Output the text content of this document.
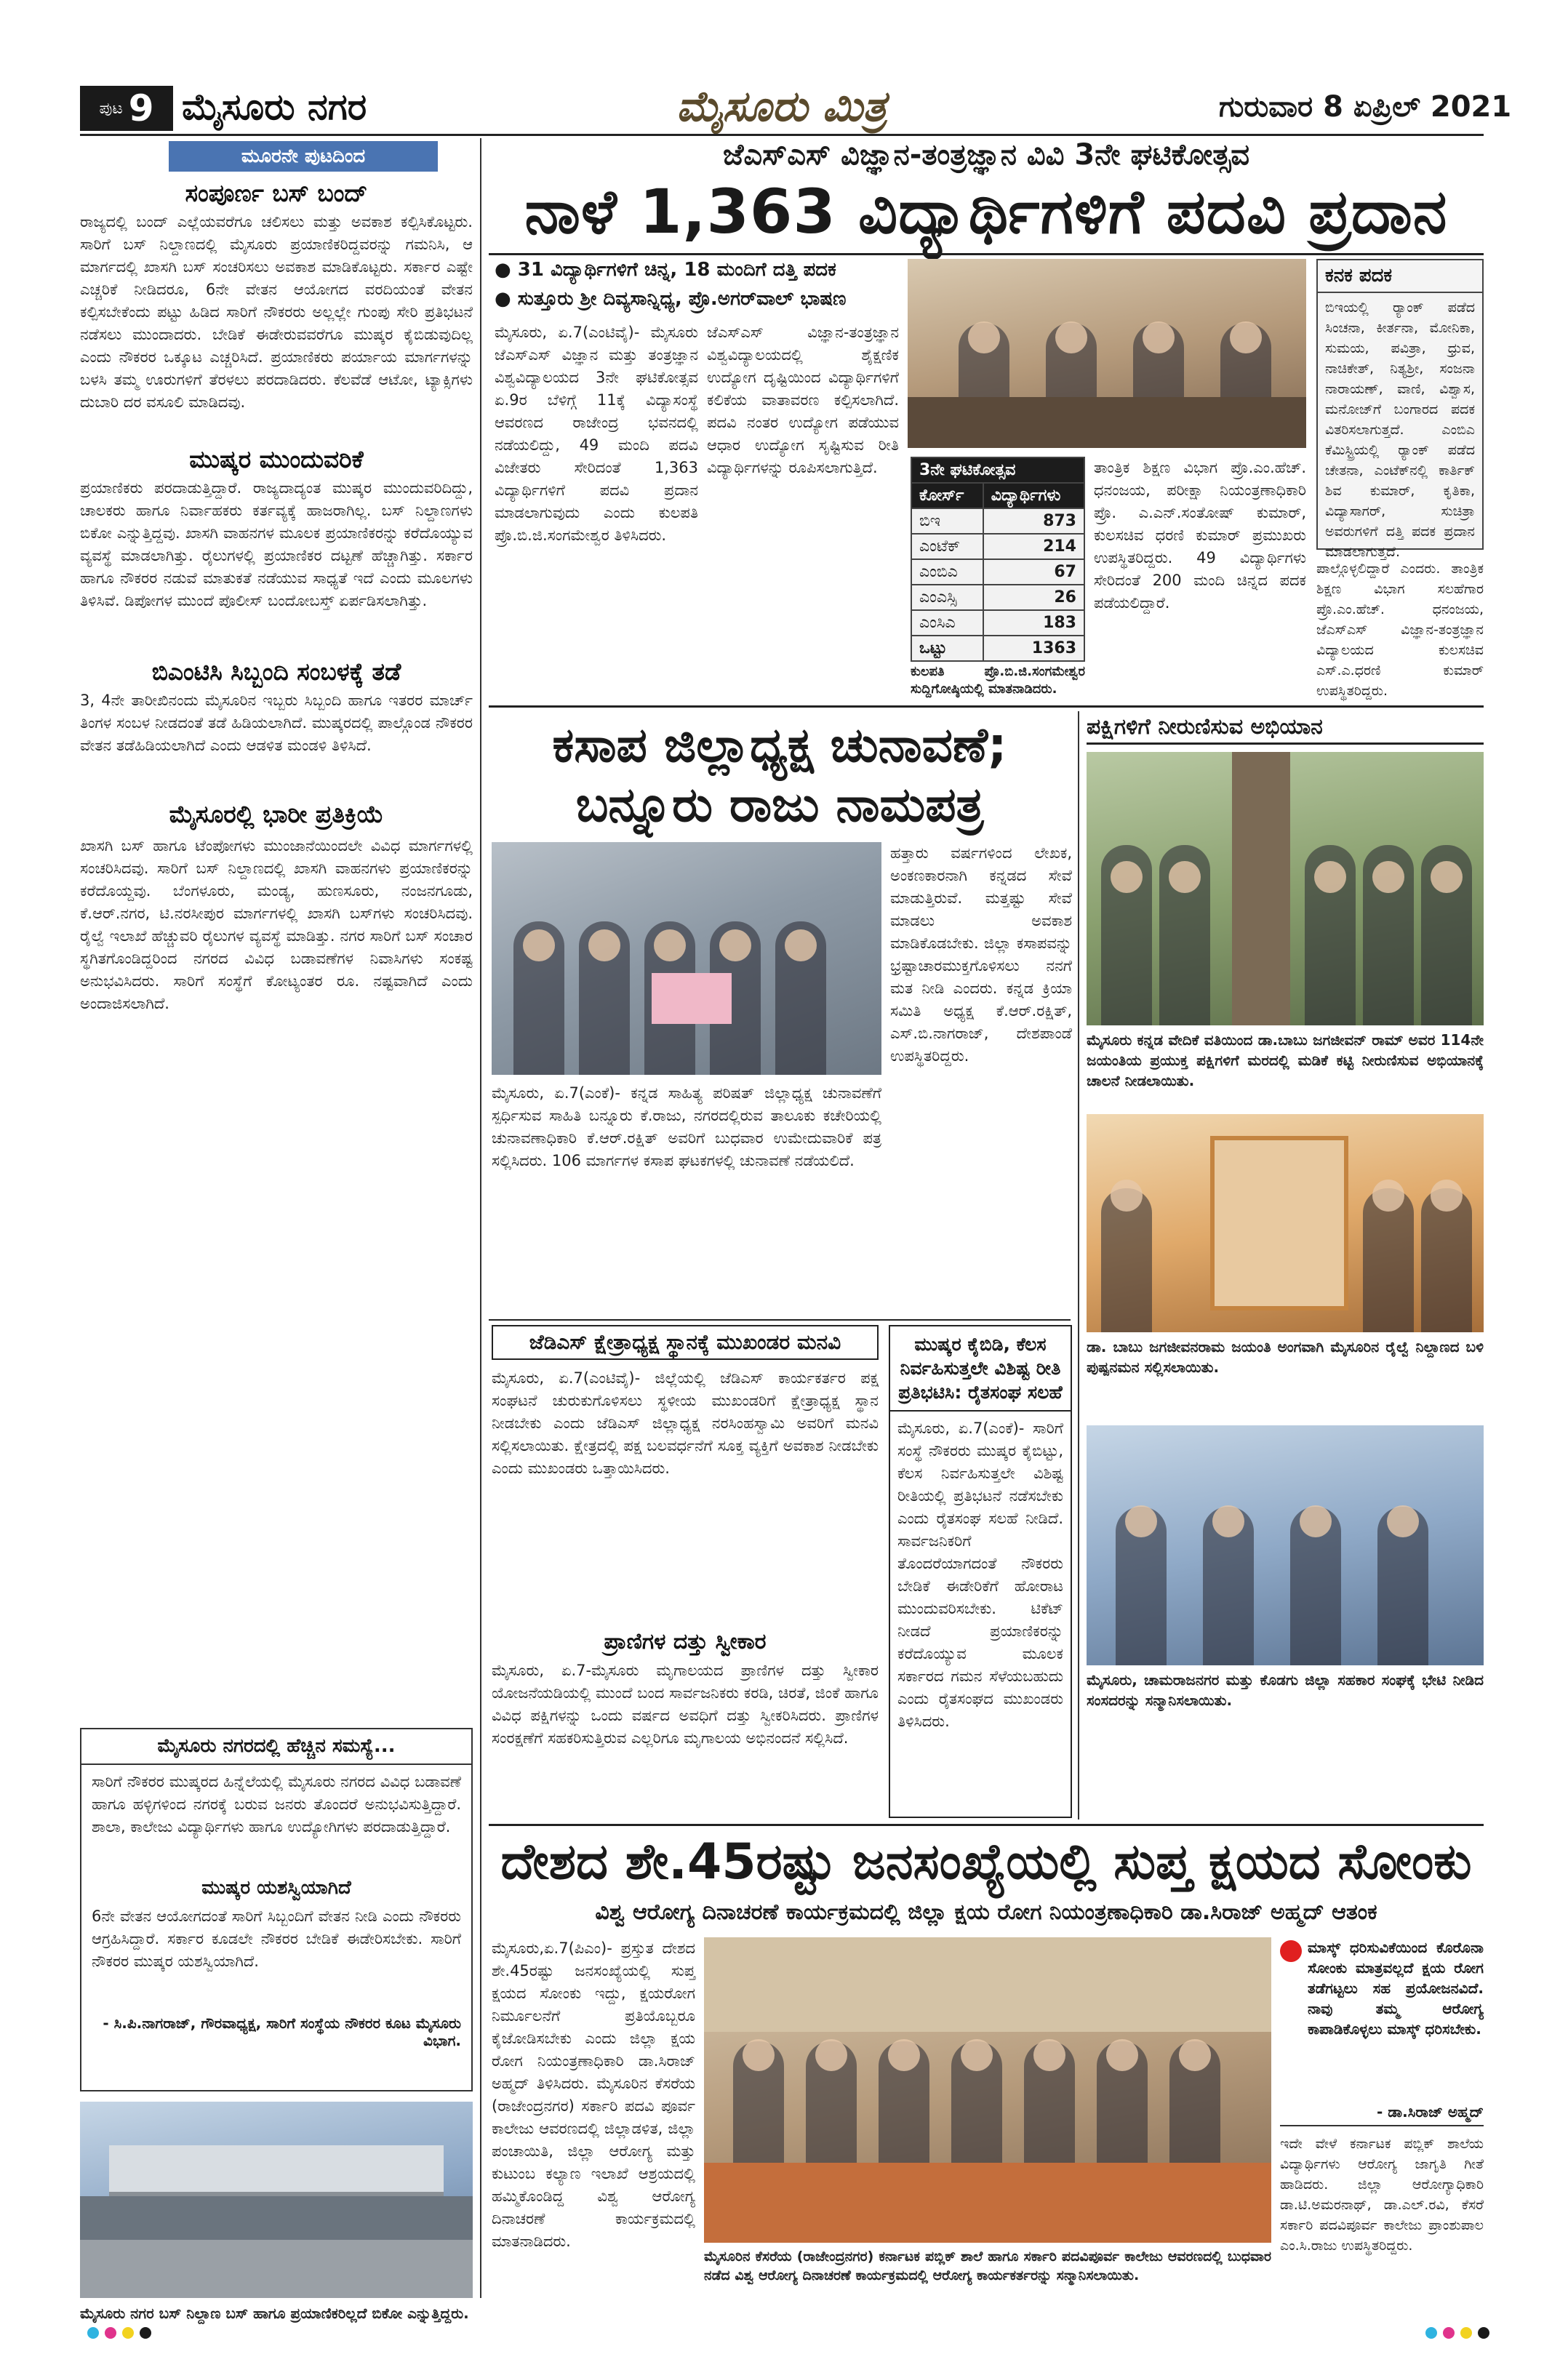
ಪುಟ 9 ಮೈಸೂರು ನಗರ	ಮೈಸೂರು ಮಿತ್ರ	ಗುರುವಾರ 8 ಏಪ್ರಿಲ್ 2021
ಮೂರನೇ ಪುಟದಿಂದ
ಸಂಪೂರ್ಣ ಬಸ್ ಬಂದ್
ರಾಜ್ಯದಲ್ಲಿ ಬಂದ್ ಎಲ್ಲೆಯವರೆಗೂ ಚಲಿಸಲು ಮತ್ತು ಅವಕಾಶ ಕಲ್ಪಿಸಿಕೊಟ್ಟರು. ಸಾರಿಗೆ ಬಸ್ ನಿಲ್ದಾಣದಲ್ಲಿ ಮೈಸೂರು ಪ್ರಯಾಣಿಕರಿದ್ದವರನ್ನು ಗಮನಿಸಿ, ಆ ಮಾರ್ಗದಲ್ಲಿ ಖಾಸಗಿ ಬಸ್ ಸಂಚರಿಸಲು ಅವಕಾಶ ಮಾಡಿಕೊಟ್ಟರು. ಸರ್ಕಾರ ಎಷ್ಟೇ ಎಚ್ಚರಿಕೆ ನೀಡಿದರೂ, 6ನೇ ವೇತನ ಆಯೋಗದ ವರದಿಯಂತೆ ವೇತನ ಕಲ್ಪಿಸಬೇಕೆಂದು ಪಟ್ಟು ಹಿಡಿದ ಸಾರಿಗೆ ನೌಕರರು ಅಲ್ಲಲ್ಲೇ ಗುಂಪು ಸೇರಿ ಪ್ರತಿಭಟನೆ ನಡೆಸಲು ಮುಂದಾದರು. ಬೇಡಿಕೆ ಈಡೇರುವವರೆಗೂ ಮುಷ್ಕರ ಕೈಬಿಡುವುದಿಲ್ಲ ಎಂದು ನೌಕರರ ಒಕ್ಕೂಟ ಎಚ್ಚರಿಸಿದೆ. ಪ್ರಯಾಣಿಕರು ಪರ್ಯಾಯ ಮಾರ್ಗಗಳನ್ನು ಬಳಸಿ ತಮ್ಮ ಊರುಗಳಿಗೆ ತೆರಳಲು ಪರದಾಡಿದರು. ಕೆಲವೆಡೆ ಆಟೋ, ಟ್ಯಾಕ್ಸಿಗಳು ದುಬಾರಿ ದರ ವಸೂಲಿ ಮಾಡಿದವು.
ಮುಷ್ಕರ ಮುಂದುವರಿಕೆ
ಪ್ರಯಾಣಿಕರು ಪರದಾಡುತ್ತಿದ್ದಾರೆ. ರಾಜ್ಯದಾದ್ಯಂತ ಮುಷ್ಕರ ಮುಂದುವರಿದಿದ್ದು, ಚಾಲಕರು ಹಾಗೂ ನಿರ್ವಾಹಕರು ಕರ್ತವ್ಯಕ್ಕೆ ಹಾಜರಾಗಿಲ್ಲ. ಬಸ್ ನಿಲ್ದಾಣಗಳು ಬಿಕೋ ಎನ್ನುತ್ತಿದ್ದವು. ಖಾಸಗಿ ವಾಹನಗಳ ಮೂಲಕ ಪ್ರಯಾಣಿಕರನ್ನು ಕರೆದೊಯ್ಯುವ ವ್ಯವಸ್ಥೆ ಮಾಡಲಾಗಿತ್ತು. ರೈಲುಗಳಲ್ಲಿ ಪ್ರಯಾಣಿಕರ ದಟ್ಟಣೆ ಹೆಚ್ಚಾಗಿತ್ತು. ಸರ್ಕಾರ ಹಾಗೂ ನೌಕರರ ನಡುವೆ ಮಾತುಕತೆ ನಡೆಯುವ ಸಾಧ್ಯತೆ ಇದೆ ಎಂದು ಮೂಲಗಳು ತಿಳಿಸಿವೆ. ಡಿಪೋಗಳ ಮುಂದೆ ಪೊಲೀಸ್ ಬಂದೋಬಸ್ತ್ ಏರ್ಪಡಿಸಲಾಗಿತ್ತು.
ಬಿಎಂಟಿಸಿ ಸಿಬ್ಬಂದಿ ಸಂಬಳಕ್ಕೆ ತಡೆ
3, 4ನೇ ತಾರೀಖಿನಂದು ಮೈಸೂರಿನ ಇಬ್ಬರು ಸಿಬ್ಬಂದಿ ಹಾಗೂ ಇತರರ ಮಾರ್ಚ್ ತಿಂಗಳ ಸಂಬಳ ನೀಡದಂತೆ ತಡೆ ಹಿಡಿಯಲಾಗಿದೆ. ಮುಷ್ಕರದಲ್ಲಿ ಪಾಲ್ಗೊಂಡ ನೌಕರರ ವೇತನ ತಡೆಹಿಡಿಯಲಾಗಿದೆ ಎಂದು ಆಡಳಿತ ಮಂಡಳಿ ತಿಳಿಸಿದೆ.
ಮೈಸೂರಲ್ಲಿ ಭಾರೀ ಪ್ರತಿಕ್ರಿಯೆ
ಖಾಸಗಿ ಬಸ್ ಹಾಗೂ ಟೆಂಪೋಗಳು ಮುಂಜಾನೆಯಿಂದಲೇ ವಿವಿಧ ಮಾರ್ಗಗಳಲ್ಲಿ ಸಂಚರಿಸಿದವು. ಸಾರಿಗೆ ಬಸ್ ನಿಲ್ದಾಣದಲ್ಲಿ ಖಾಸಗಿ ವಾಹನಗಳು ಪ್ರಯಾಣಿಕರನ್ನು ಕರೆದೊಯ್ದವು. ಬೆಂಗಳೂರು, ಮಂಡ್ಯ, ಹುಣಸೂರು, ನಂಜನಗೂಡು, ಕೆ.ಆರ್.ನಗರ, ಟಿ.ನರಸೀಪುರ ಮಾರ್ಗಗಳಲ್ಲಿ ಖಾಸಗಿ ಬಸ್‌ಗಳು ಸಂಚರಿಸಿದವು. ರೈಲ್ವೆ ಇಲಾಖೆ ಹೆಚ್ಚುವರಿ ರೈಲುಗಳ ವ್ಯವಸ್ಥೆ ಮಾಡಿತ್ತು. ನಗರ ಸಾರಿಗೆ ಬಸ್ ಸಂಚಾರ ಸ್ಥಗಿತಗೊಂಡಿದ್ದರಿಂದ ನಗರದ ವಿವಿಧ ಬಡಾವಣೆಗಳ ನಿವಾಸಿಗಳು ಸಂಕಷ್ಟ ಅನುಭವಿಸಿದರು. ಸಾರಿಗೆ ಸಂಸ್ಥೆಗೆ ಕೋಟ್ಯಂತರ ರೂ. ನಷ್ಟವಾಗಿದೆ ಎಂದು ಅಂದಾಜಿಸಲಾಗಿದೆ.
ಮೈಸೂರು ನಗರದಲ್ಲಿ ಹೆಚ್ಚಿನ ಸಮಸ್ಯೆ...
ಸಾರಿಗೆ ನೌಕರರ ಮುಷ್ಕರದ ಹಿನ್ನೆಲೆಯಲ್ಲಿ ಮೈಸೂರು ನಗರದ ವಿವಿಧ ಬಡಾವಣೆ ಹಾಗೂ ಹಳ್ಳಿಗಳಿಂದ ನಗರಕ್ಕೆ ಬರುವ ಜನರು ತೊಂದರೆ ಅನುಭವಿಸುತ್ತಿದ್ದಾರೆ. ಶಾಲಾ, ಕಾಲೇಜು ವಿದ್ಯಾರ್ಥಿಗಳು ಹಾಗೂ ಉದ್ಯೋಗಿಗಳು ಪರದಾಡುತ್ತಿದ್ದಾರೆ.
ಮುಷ್ಕರ ಯಶಸ್ವಿಯಾಗಿದೆ
6ನೇ ವೇತನ ಆಯೋಗದಂತೆ ಸಾರಿಗೆ ಸಿಬ್ಬಂದಿಗೆ ವೇತನ ನೀಡಿ ಎಂದು ನೌಕರರು ಆಗ್ರಹಿಸಿದ್ದಾರೆ. ಸರ್ಕಾರ ಕೂಡಲೇ ನೌಕರರ ಬೇಡಿಕೆ ಈಡೇರಿಸಬೇಕು. ಸಾರಿಗೆ ನೌಕರರ ಮುಷ್ಕರ ಯಶಸ್ವಿಯಾಗಿದೆ.
- ಸಿ.ಪಿ.ನಾಗರಾಜ್, ಗೌರವಾಧ್ಯಕ್ಷ, ಸಾರಿಗೆ ಸಂಸ್ಥೆಯ ನೌಕರರ ಕೂಟ ಮೈಸೂರು ವಿಭಾಗ.
ಮೈಸೂರು ನಗರ ಬಸ್ ನಿಲ್ದಾಣ ಬಸ್ ಹಾಗೂ ಪ್ರಯಾಣಿಕರಿಲ್ಲದೆ ಬಿಕೋ ಎನ್ನುತ್ತಿದ್ದರು.
ಜೆಎಸ್‌ಎಸ್ ವಿಜ್ಞಾನ-ತಂತ್ರಜ್ಞಾನ ವಿವಿ 3ನೇ ಘಟಿಕೋತ್ಸವ
ನಾಳೆ 1,363 ವಿದ್ಯಾರ್ಥಿಗಳಿಗೆ ಪದವಿ ಪ್ರದಾನ
● 31 ವಿದ್ಯಾರ್ಥಿಗಳಿಗೆ ಚಿನ್ನ, 18 ಮಂದಿಗೆ ದತ್ತಿ ಪದಕ
● ಸುತ್ತೂರು ಶ್ರೀ ದಿವ್ಯಸಾನ್ನಿಧ್ಯ, ಪ್ರೊ.ಅಗರ್‌ವಾಲ್ ಭಾಷಣ
ಮೈಸೂರು, ಏ.7(ಎಂಟಿವೈ)- ಮೈಸೂರು ಜೆಎಸ್‌ಎಸ್ ವಿಜ್ಞಾನ ಮತ್ತು ತಂತ್ರಜ್ಞಾನ ವಿಶ್ವವಿದ್ಯಾಲಯದ 3ನೇ ಘಟಿಕೋತ್ಸವ ಏ.9ರ ಬೆಳಿಗ್ಗೆ 11ಕ್ಕೆ ವಿದ್ಯಾಸಂಸ್ಥೆ ಆವರಣದ ರಾಜೇಂದ್ರ ಭವನದಲ್ಲಿ ನಡೆಯಲಿದ್ದು, 49 ಮಂದಿ ಪದವಿ ವಿಜೇತರು ಸೇರಿದಂತೆ 1,363 ವಿದ್ಯಾರ್ಥಿಗಳಿಗೆ ಪದವಿ ಪ್ರದಾನ ಮಾಡಲಾಗುವುದು ಎಂದು ಕುಲಪತಿ ಪ್ರೊ.ಬಿ.ಜಿ.ಸಂಗಮೇಶ್ವರ ತಿಳಿಸಿದರು.
ಜೆಎಸ್‌ಎಸ್ ವಿಜ್ಞಾನ-ತಂತ್ರಜ್ಞಾನ ವಿಶ್ವವಿದ್ಯಾಲಯದಲ್ಲಿ ಶೈಕ್ಷಣಿಕ ಉದ್ಯೋಗ ದೃಷ್ಟಿಯಿಂದ ವಿದ್ಯಾರ್ಥಿಗಳಿಗೆ ಕಲಿಕೆಯ ವಾತಾವರಣ ಕಲ್ಪಿಸಲಾಗಿದೆ. ಪದವಿ ನಂತರ ಉದ್ಯೋಗ ಪಡೆಯುವ ಆಧಾರ ಉದ್ಯೋಗ ಸೃಷ್ಟಿಸುವ ರೀತಿ ವಿದ್ಯಾರ್ಥಿಗಳನ್ನು ರೂಪಿಸಲಾಗುತ್ತಿದೆ.	3ನೇ ಘಟಿಕೋತ್ಸವ	
ಕೋರ್ಸ್	ವಿದ್ಯಾರ್ಥಿಗಳು
ಬಿಇ	873
ಎಂಟೆಕ್	214
ಎಂಬಿಎ	67
ಎಂಎಸ್ಸಿ	26
ಎಂಸಿಎ	183
ಒಟ್ಟು	1363
ತಾಂತ್ರಿಕ ಶಿಕ್ಷಣ ವಿಭಾಗ ಪ್ರೊ.ಎಂ.ಹೆಚ್. ಧನಂಜಯ, ಪರೀಕ್ಷಾ ನಿಯಂತ್ರಣಾಧಿಕಾರಿ ಪ್ರೊ. ಎ.ಎನ್.ಸಂತೋಷ್ ಕುಮಾರ್, ಕುಲಸಚಿವ ಧರಣಿ ಕುಮಾರ್ ಪ್ರಮುಖರು ಉಪಸ್ಥಿತರಿದ್ದರು. 49 ವಿದ್ಯಾರ್ಥಿಗಳು ಸೇರಿದಂತೆ 200 ಮಂದಿ ಚಿನ್ನದ ಪದಕ ಪಡೆಯಲಿದ್ದಾರೆ.
ಕುಲಪತಿ ಪ್ರೊ.ಬಿ.ಜಿ.ಸಂಗಮೇಶ್ವರ ಸುದ್ದಿಗೋಷ್ಠಿಯಲ್ಲಿ ಮಾತನಾಡಿದರು.
ಕನಕ ಪದಕ
ಬಿಇಯಲ್ಲಿ ರ್‍ಯಾಂಕ್ ಪಡೆದ ಸಿಂಚನಾ, ಕೀರ್ತನಾ, ಮೋನಿಕಾ, ಸುಮಯ, ಪವಿತ್ರಾ, ಧ್ರುವ, ನಾಚಿಕೇತ್, ನಿತ್ಯಶ್ರೀ, ಸಂಜನಾ ನಾರಾಯಣ್, ವಾಣಿ, ವಿಶ್ವಾಸ, ಮನೋಜ್‌ಗೆ ಬಂಗಾರದ ಪದಕ ವಿತರಿಸಲಾಗುತ್ತದೆ. ಎಂಬಿಎ ಕೆಮಿಸ್ಟ್ರಿಯಲ್ಲಿ ರ್‍ಯಾಂಕ್ ಪಡೆದ ಚೇತನಾ, ಎಂಟೆಕ್‌ನಲ್ಲಿ ಕಾರ್ತಿಕ್ ಶಿವ ಕುಮಾರ್, ಕೃತಿಕಾ, ವಿದ್ಯಾಸಾಗರ್, ಸುಚಿತ್ರಾ ಅವರುಗಳಿಗೆ ದತ್ತಿ ಪದಕ ಪ್ರದಾನ ಮಾಡಲಾಗುತ್ತದೆ.
ಪಾಲ್ಗೊಳ್ಳಲಿದ್ದಾರೆ ಎಂದರು. ತಾಂತ್ರಿಕ ಶಿಕ್ಷಣ ವಿಭಾಗ ಸಲಹೆಗಾರ ಪ್ರೊ.ಎಂ.ಹೆಚ್. ಧನಂಜಯ, ಜೆಎಸ್‌ಎಸ್ ವಿಜ್ಞಾನ-ತಂತ್ರಜ್ಞಾನ ವಿದ್ಯಾಲಯದ ಕುಲಸಚಿವ ಎಸ್.ಎ.ಧರಣಿ ಕುಮಾರ್ ಉಪಸ್ಥಿತರಿದ್ದರು.
ಕಸಾಪ ಜಿಲ್ಲಾಧ್ಯಕ್ಷ ಚುನಾವಣೆ;
ಬನ್ನೂರು ರಾಜು ನಾಮಪತ್ರ
ಮೈಸೂರು, ಏ.7(ಎಂಕೆ)- ಕನ್ನಡ ಸಾಹಿತ್ಯ ಪರಿಷತ್ ಜಿಲ್ಲಾಧ್ಯಕ್ಷ ಚುನಾವಣೆಗೆ ಸ್ಪರ್ಧಿಸುವ ಸಾಹಿತಿ ಬನ್ನೂರು ಕೆ.ರಾಜು, ನಗರದಲ್ಲಿರುವ ತಾಲೂಕು ಕಚೇರಿಯಲ್ಲಿ ಚುನಾವಣಾಧಿಕಾರಿ ಕೆ.ಆರ್.ರಕ್ಷಿತ್ ಅವರಿಗೆ ಬುಧವಾರ ಉಮೇದುವಾರಿಕೆ ಪತ್ರ ಸಲ್ಲಿಸಿದರು. 106 ಮಾರ್ಗಗಳ ಕಸಾಪ ಘಟಕಗಳಲ್ಲಿ ಚುನಾವಣೆ ನಡೆಯಲಿದೆ.
ಹತ್ತಾರು ವರ್ಷಗಳಿಂದ ಲೇಖಕ, ಅಂಕಣಕಾರನಾಗಿ ಕನ್ನಡದ ಸೇವೆ ಮಾಡುತ್ತಿರುವೆ. ಮತ್ತಷ್ಟು ಸೇವೆ ಮಾಡಲು ಅವಕಾಶ ಮಾಡಿಕೊಡಬೇಕು. ಜಿಲ್ಲಾ ಕಸಾಪವನ್ನು ಭ್ರಷ್ಟಾಚಾರಮುಕ್ತಗೊಳಿಸಲು ನನಗೆ ಮತ ನೀಡಿ ಎಂದರು. ಕನ್ನಡ ಕ್ರಿಯಾ ಸಮಿತಿ ಅಧ್ಯಕ್ಷ ಕೆ.ಆರ್.ರಕ್ಷಿತ್, ಎಸ್.ಬಿ.ನಾಗರಾಜ್, ದೇಶಪಾಂಡೆ ಉಪಸ್ಥಿತರಿದ್ದರು.
ಜೆಡಿಎಸ್ ಕ್ಷೇತ್ರಾಧ್ಯಕ್ಷ ಸ್ಥಾನಕ್ಕೆ ಮುಖಂಡರ ಮನವಿ
ಮೈಸೂರು, ಏ.7(ಎಂಟಿವೈ)- ಜಿಲ್ಲೆಯಲ್ಲಿ ಜೆಡಿಎಸ್ ಕಾರ್ಯಕರ್ತರ ಪಕ್ಷ ಸಂಘಟನೆ ಚುರುಕುಗೊಳಿಸಲು ಸ್ಥಳೀಯ ಮುಖಂಡರಿಗೆ ಕ್ಷೇತ್ರಾಧ್ಯಕ್ಷ ಸ್ಥಾನ ನೀಡಬೇಕು ಎಂದು ಜೆಡಿಎಸ್ ಜಿಲ್ಲಾಧ್ಯಕ್ಷ ನರಸಿಂಹಸ್ವಾಮಿ ಅವರಿಗೆ ಮನವಿ ಸಲ್ಲಿಸಲಾಯಿತು. ಕ್ಷೇತ್ರದಲ್ಲಿ ಪಕ್ಷ ಬಲವರ್ಧನೆಗೆ ಸೂಕ್ತ ವ್ಯಕ್ತಿಗೆ ಅವಕಾಶ ನೀಡಬೇಕು ಎಂದು ಮುಖಂಡರು ಒತ್ತಾಯಿಸಿದರು.
ಪ್ರಾಣಿಗಳ ದತ್ತು ಸ್ವೀಕಾರ
ಮೈಸೂರು, ಏ.7-ಮೈಸೂರು ಮೃಗಾಲಯದ ಪ್ರಾಣಿಗಳ ದತ್ತು ಸ್ವೀಕಾರ ಯೋಜನೆಯಡಿಯಲ್ಲಿ ಮುಂದೆ ಬಂದ ಸಾರ್ವಜನಿಕರು ಕರಡಿ, ಚಿರತೆ, ಜಿಂಕೆ ಹಾಗೂ ವಿವಿಧ ಪಕ್ಷಿಗಳನ್ನು ಒಂದು ವರ್ಷದ ಅವಧಿಗೆ ದತ್ತು ಸ್ವೀಕರಿಸಿದರು. ಪ್ರಾಣಿಗಳ ಸಂರಕ್ಷಣೆಗೆ ಸಹಕರಿಸುತ್ತಿರುವ ಎಲ್ಲರಿಗೂ ಮೃಗಾಲಯ ಅಭಿನಂದನೆ ಸಲ್ಲಿಸಿದೆ.
ಮುಷ್ಕರ ಕೈಬಿಡಿ, ಕೆಲಸ ನಿರ್ವಹಿಸುತ್ತಲೇ ವಿಶಿಷ್ಟ ರೀತಿ ಪ್ರತಿಭಟಿಸಿ: ರೈತಸಂಘ ಸಲಹೆ
ಮೈಸೂರು, ಏ.7(ಎಂಕೆ)- ಸಾರಿಗೆ ಸಂಸ್ಥೆ ನೌಕರರು ಮುಷ್ಕರ ಕೈಬಿಟ್ಟು, ಕೆಲಸ ನಿರ್ವಹಿಸುತ್ತಲೇ ವಿಶಿಷ್ಟ ರೀತಿಯಲ್ಲಿ ಪ್ರತಿಭಟನೆ ನಡೆಸಬೇಕು ಎಂದು ರೈತಸಂಘ ಸಲಹೆ ನೀಡಿದೆ. ಸಾರ್ವಜನಿಕರಿಗೆ ತೊಂದರೆಯಾಗದಂತೆ ನೌಕರರು ಬೇಡಿಕೆ ಈಡೇರಿಕೆಗೆ ಹೋರಾಟ ಮುಂದುವರಿಸಬೇಕು. ಟಿಕೆಟ್ ನೀಡದೆ ಪ್ರಯಾಣಿಕರನ್ನು ಕರೆದೊಯ್ಯುವ ಮೂಲಕ ಸರ್ಕಾರದ ಗಮನ ಸೆಳೆಯಬಹುದು ಎಂದು ರೈತಸಂಘದ ಮುಖಂಡರು ತಿಳಿಸಿದರು.
ಪಕ್ಷಿಗಳಿಗೆ ನೀರುಣಿಸುವ ಅಭಿಯಾನ
ಮೈಸೂರು ಕನ್ನಡ ವೇದಿಕೆ ವತಿಯಿಂದ ಡಾ.ಬಾಬು ಜಗಜೀವನ್ ರಾಮ್ ಅವರ 114ನೇ ಜಯಂತಿಯ ಪ್ರಯುಕ್ತ ಪಕ್ಷಿಗಳಿಗೆ ಮರದಲ್ಲಿ ಮಡಿಕೆ ಕಟ್ಟಿ ನೀರುಣಿಸುವ ಅಭಿಯಾನಕ್ಕೆ ಚಾಲನೆ ನೀಡಲಾಯಿತು.
ಡಾ. ಬಾಬು ಜಗಜೀವನರಾಮ ಜಯಂತಿ ಅಂಗವಾಗಿ ಮೈಸೂರಿನ ರೈಲ್ವೆ ನಿಲ್ದಾಣದ ಬಳಿ ಪುಷ್ಪನಮನ ಸಲ್ಲಿಸಲಾಯಿತು.
ಮೈಸೂರು, ಚಾಮರಾಜನಗರ ಮತ್ತು ಕೊಡಗು ಜಿಲ್ಲಾ ಸಹಕಾರ ಸಂಘಕ್ಕೆ ಭೇಟಿ ನೀಡಿದ ಸಂಸದರನ್ನು ಸನ್ಮಾನಿಸಲಾಯಿತು.
ದೇಶದ ಶೇ.45ರಷ್ಟು ಜನಸಂಖ್ಯೆಯಲ್ಲಿ ಸುಪ್ತ ಕ್ಷಯದ ಸೋಂಕು
ವಿಶ್ವ ಆರೋಗ್ಯ ದಿನಾಚರಣೆ ಕಾರ್ಯಕ್ರಮದಲ್ಲಿ ಜಿಲ್ಲಾ ಕ್ಷಯ ರೋಗ ನಿಯಂತ್ರಣಾಧಿಕಾರಿ ಡಾ.ಸಿರಾಜ್ ಅಹ್ಮದ್ ಆತಂಕ
ಮೈಸೂರು,ಏ.7(ಪಿಎಂ)- ಪ್ರಸ್ತುತ ದೇಶದ ಶೇ.45ರಷ್ಟು ಜನಸಂಖ್ಯೆಯಲ್ಲಿ ಸುಪ್ತ ಕ್ಷಯದ ಸೋಂಕು ಇದ್ದು, ಕ್ಷಯರೋಗ ನಿರ್ಮೂಲನೆಗೆ ಪ್ರತಿಯೊಬ್ಬರೂ ಕೈಜೋಡಿಸಬೇಕು ಎಂದು ಜಿಲ್ಲಾ ಕ್ಷಯ ರೋಗ ನಿಯಂತ್ರಣಾಧಿಕಾರಿ ಡಾ.ಸಿರಾಜ್ ಅಹ್ಮದ್ ತಿಳಿಸಿದರು. ಮೈಸೂರಿನ ಕೆಸರೆಯ (ರಾಜೇಂದ್ರನಗರ) ಸರ್ಕಾರಿ ಪದವಿ ಪೂರ್ವ ಕಾಲೇಜು ಆವರಣದಲ್ಲಿ ಜಿಲ್ಲಾಡಳಿತ, ಜಿಲ್ಲಾ ಪಂಚಾಯಿತಿ, ಜಿಲ್ಲಾ ಆರೋಗ್ಯ ಮತ್ತು ಕುಟುಂಬ ಕಲ್ಯಾಣ ಇಲಾಖೆ ಆಶ್ರಯದಲ್ಲಿ ಹಮ್ಮಿಕೊಂಡಿದ್ದ ವಿಶ್ವ ಆರೋಗ್ಯ ದಿನಾಚರಣೆ ಕಾರ್ಯಕ್ರಮದಲ್ಲಿ ಮಾತನಾಡಿದರು.
ಮೈಸೂರಿನ ಕೆಸರೆಯ (ರಾಜೇಂದ್ರನಗರ) ಕರ್ನಾಟಕ ಪಬ್ಲಿಕ್ ಶಾಲೆ ಹಾಗೂ ಸರ್ಕಾರಿ ಪದವಿಪೂರ್ವ ಕಾಲೇಜು ಆವರಣದಲ್ಲಿ ಬುಧವಾರ ನಡೆದ ವಿಶ್ವ ಆರೋಗ್ಯ ದಿನಾಚರಣೆ ಕಾರ್ಯಕ್ರಮದಲ್ಲಿ ಆರೋಗ್ಯ ಕಾರ್ಯಕರ್ತರನ್ನು ಸನ್ಮಾನಿಸಲಾಯಿತು.
ಮಾಸ್ಕ್ ಧರಿಸುವಿಕೆಯಿಂದ ಕೊರೊನಾ ಸೋಂಕು ಮಾತ್ರವಲ್ಲದೆ ಕ್ಷಯ ರೋಗ ತಡೆಗಟ್ಟಲು ಸಹ ಪ್ರಯೋಜನವಿದೆ. ನಾವು ತಮ್ಮ ಆರೋಗ್ಯ ಕಾಪಾಡಿಕೊಳ್ಳಲು ಮಾಸ್ಕ್ ಧರಿಸಬೇಕು.
- ಡಾ.ಸಿರಾಜ್ ಅಹ್ಮದ್
ಇದೇ ವೇಳೆ ಕರ್ನಾಟಕ ಪಬ್ಲಿಕ್ ಶಾಲೆಯ ವಿದ್ಯಾರ್ಥಿಗಳು ಆರೋಗ್ಯ ಜಾಗೃತಿ ಗೀತೆ ಹಾಡಿದರು. ಜಿಲ್ಲಾ ಆರೋಗ್ಯಾಧಿಕಾರಿ ಡಾ.ಟಿ.ಅಮರನಾಥ್, ಡಾ.ಎಲ್.ರವಿ, ಕೆಸರೆ ಸರ್ಕಾರಿ ಪದವಿಪೂರ್ವ ಕಾಲೇಜು ಪ್ರಾಂಶುಪಾಲ ಎಂ.ಸಿ.ರಾಜು ಉಪಸ್ಥಿತರಿದ್ದರು.
